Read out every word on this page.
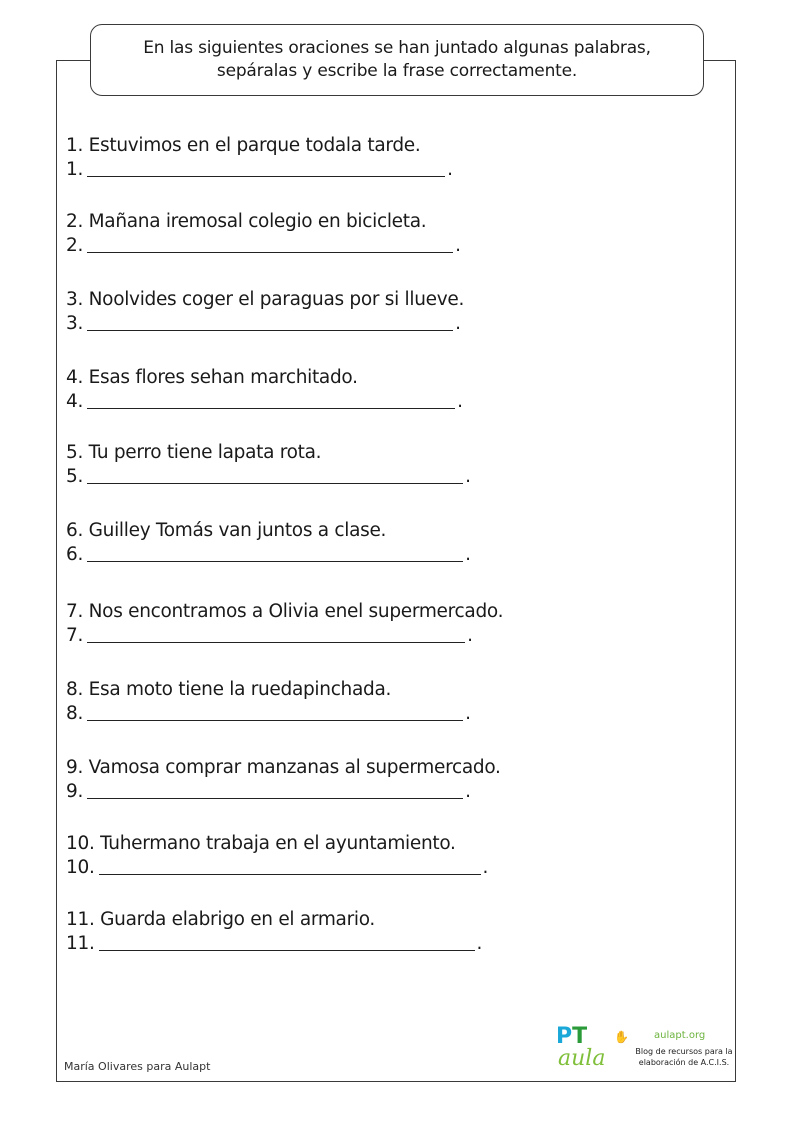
En las siguientes oraciones se han juntado algunas palabras, sepáralas y escribe la frase correctamente.
1. Estuvimos en el parque todala tarde.
1.	.
2. Mañana iremosal colegio en bicicleta.
2.	.
3. Noolvides coger el paraguas por si llueve.
3.	.
4. Esas flores sehan marchitado.
4.	.
5. Tu perro tiene lapata rota.
5.	.
6. Guilley Tomás van juntos a clase.
6.	.
7. Nos encontramos a Olivia enel supermercado.
7.	.
8. Esa moto tiene la ruedapinchada.
8.	.
9. Vamosa comprar manzanas al supermercado.
9.	.
10. Tuhermano trabaja en el ayuntamiento.
10.	.
11. Guarda elabrigo en el armario.
11.	.
María Olivares para Aulapt
PT ✋
aula
aulapt.org
Blog de recursos para la elaboración de A.C.I.S.
